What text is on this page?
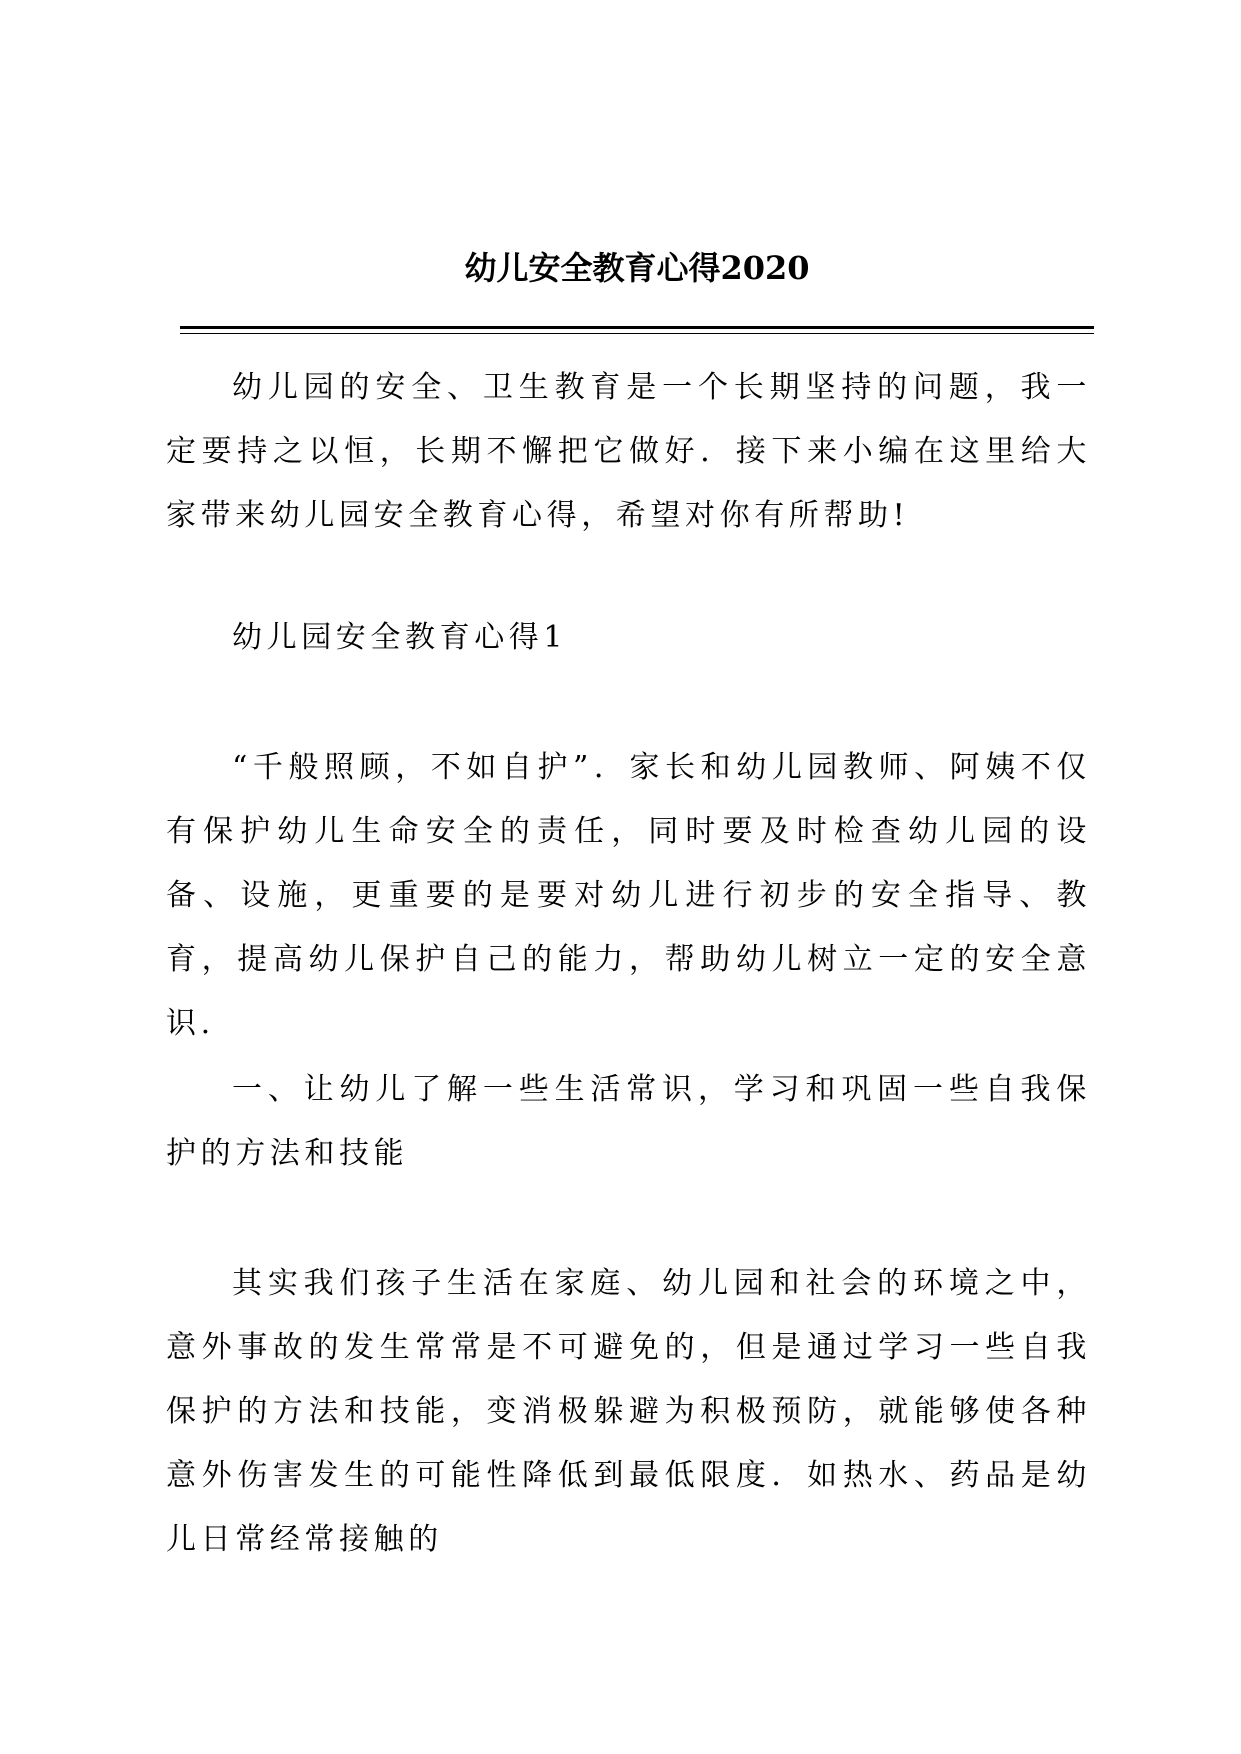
幼儿安全教育心得2020

幼儿园的安全、卫生教育是一个长期坚持的问题，我一定要持之以恒，长期不懈把它做好．接下来小编在这里给大家带来幼儿园安全教育心得，希望对你有所帮助!

幼儿园安全教育心得1

“千般照顾，不如自护”．家长和幼儿园教师、阿姨不仅有保护幼儿生命安全的责任，同时要及时检查幼儿园的设备、设施，更重要的是要对幼儿进行初步的安全指导、教育，提高幼儿保护自己的能力，帮助幼儿树立一定的安全意识.

一、让幼儿了解一些生活常识，学习和巩固一些自我保护的方法和技能

其实我们孩子生活在家庭、幼儿园和社会的环境之中，意外事故的发生常常是不可避免的，但是通过学习一些自我保护的方法和技能，变消极躲避为积极预防，就能够使各种意外伤害发生的可能性降低到最低限度．如热水、药品是幼儿日常经常接触的
